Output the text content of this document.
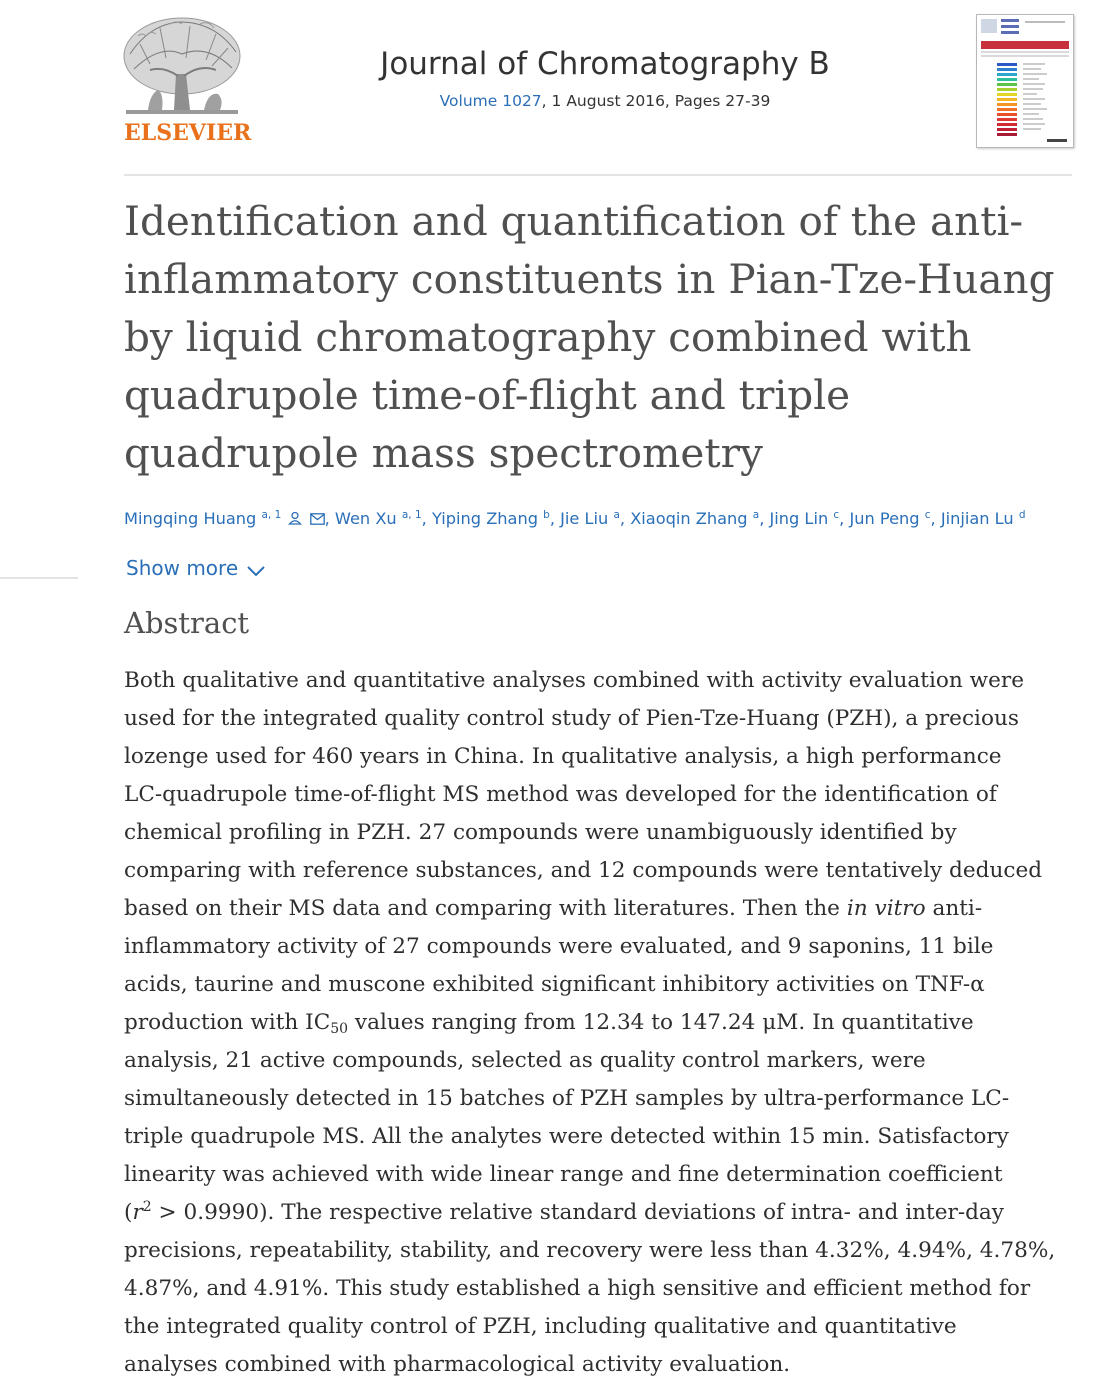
ELSEVIER
Journal of Chromatography B
Volume 1027, 1 August 2016, Pages 27-39
Identification and quantification of the anti-inflammatory constituents in Pian-Tze-Huang by liquid chromatography combined with quadrupole time-of-flight and triple quadrupole mass spectrometry
Mingqing Huang $^{a, 1}$	, Wen Xu $^{a, 1}$, Yiping Zhang $^b$, Jie Liu $^a$, Xiaoqin Zhang $^a$, Jing Lin $^c$, Jun Peng $^c$, Jinjian Lu $^d$
Show more
Abstract
Both qualitative and quantitative analyses combined with activity evaluation were
used for the integrated quality control study of Pien-Tze-Huang (PZH), a precious
lozenge used for 460 years in China. In qualitative analysis, a high performance
LC-quadrupole time-of-flight MS method was developed for the identification of
chemical profiling in PZH. 27 compounds were unambiguously identified by
comparing with reference substances, and 12 compounds were tentatively deduced
based on their MS data and comparing with literatures. Then the in vitro anti-
inflammatory activity of 27 compounds were evaluated, and 9 saponins, 11 bile
acids, taurine and muscone exhibited significant inhibitory activities on TNF-α
production with $IC_{50}$ values ranging from 12.34 to 147.24 μM. In quantitative
analysis, 21 active compounds, selected as quality control markers, were
simultaneously detected in 15 batches of PZH samples by ultra-performance LC-
triple quadrupole MS. All the analytes were detected within 15 min. Satisfactory
linearity was achieved with wide linear range and fine determination coefficient
$(r^2 > 0.9990)$. The respective relative standard deviations of intra- and inter-day
precisions, repeatability, stability, and recovery were less than 4.32%, 4.94%, 4.78%,
4.87%, and 4.91%. This study established a high sensitive and efficient method for
the integrated quality control of PZH, including qualitative and quantitative
analyses combined with pharmacological activity evaluation.
